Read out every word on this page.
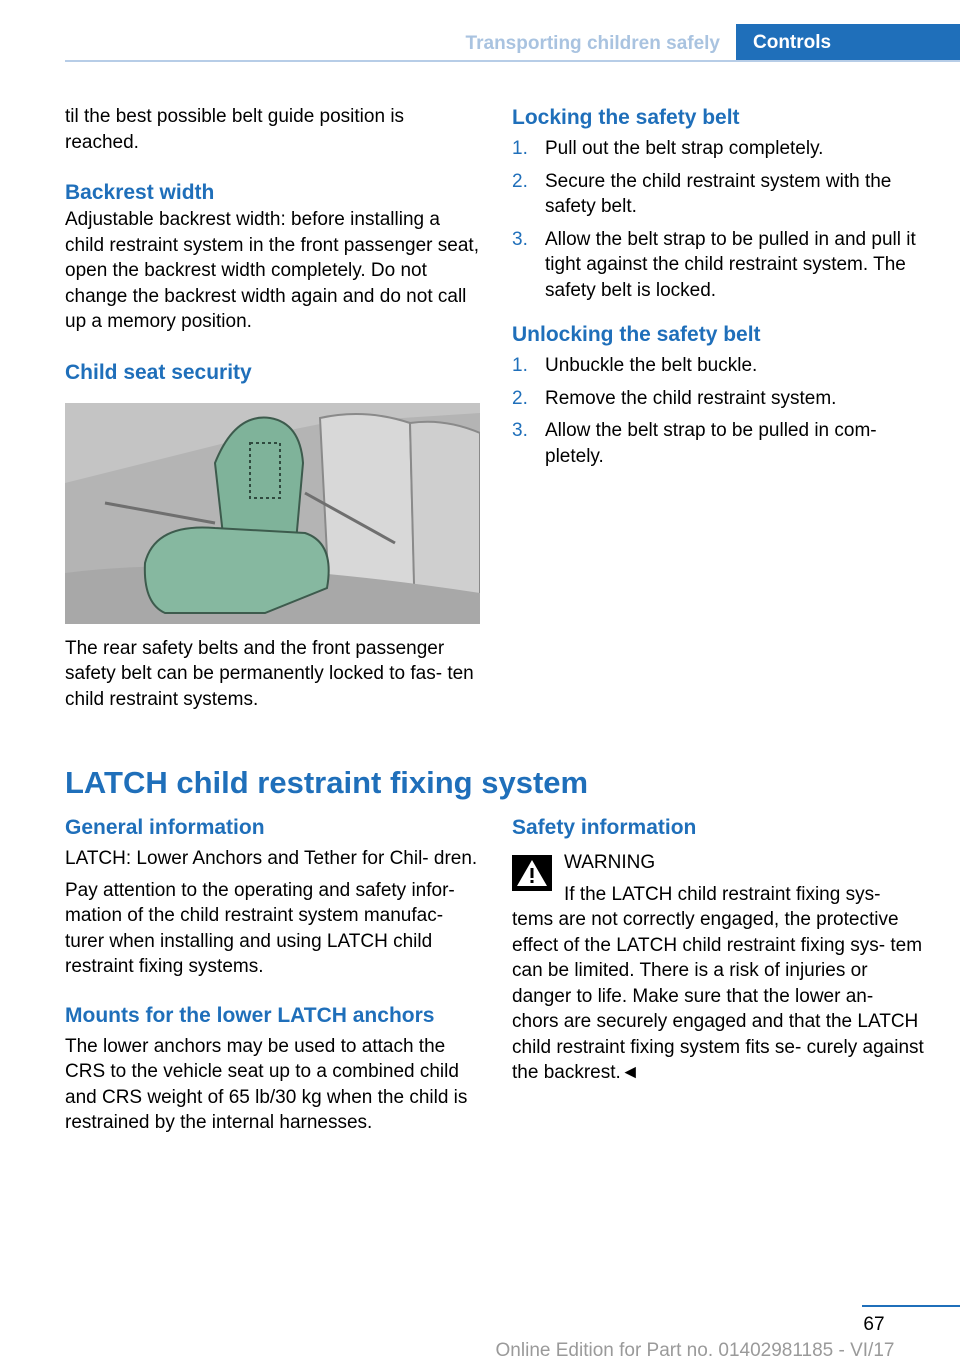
Transporting children safely	Controls

til the best possible belt guide position is reached.

Backrest width

Adjustable backrest width: before installing a child restraint system in the front passenger seat, open the backrest width completely. Do not change the backrest width again and do not call up a memory position.

Child seat security

The rear safety belts and the front passenger safety belt can be permanently locked to fas‐ ten child restraint systems.

Locking the safety belt
1. Pull out the belt strap completely.
2. Secure the child restraint system with the safety belt.
3. Allow the belt strap to be pulled in and pull it tight against the child restraint system. The safety belt is locked.
Unlocking the safety belt
1. Unbuckle the belt buckle.
2. Remove the child restraint system.
3. Allow the belt strap to be pulled in com‐ pletely.
LATCH child restraint fixing system
General information

LATCH: Lower Anchors and Tether for Chil‐ dren.

Pay attention to the operating and safety infor‐ mation of the child restraint system manufac‐ turer when installing and using LATCH child restraint fixing systems.

Mounts for the lower LATCH anchors

The lower anchors may be used to attach the CRS to the vehicle seat up to a combined child and CRS weight of 65 lb/30 kg when the child is restrained by the internal harnesses.

Safety information

WARNING

If the LATCH child restraint fixing sys‐ tems are not correctly engaged, the protective effect of the LATCH child restraint fixing sys‐ tem can be limited. There is a risk of injuries or danger to life. Make sure that the lower an‐ chors are securely engaged and that the LATCH child restraint fixing system fits se‐ curely against the backrest.◄

67
Online Edition for Part no. 01402981185 - VI/17
